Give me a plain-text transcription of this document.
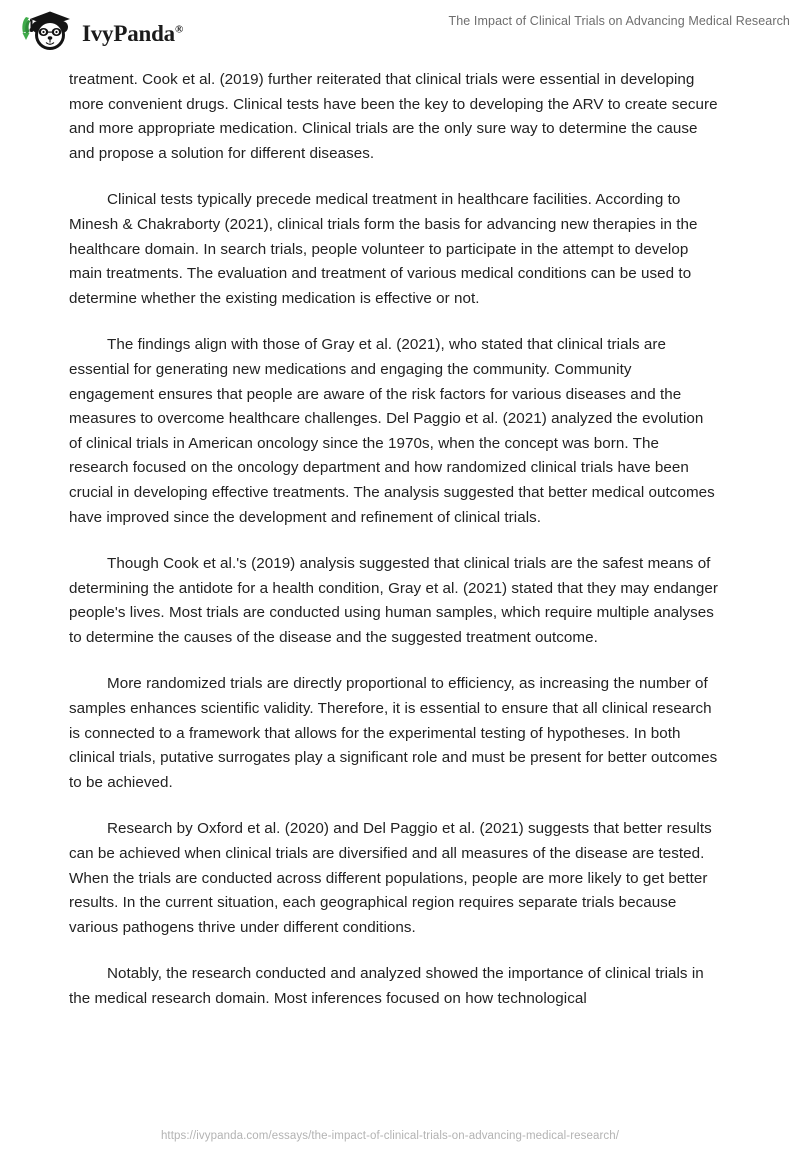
IvyPanda®
The Impact of Clinical Trials on Advancing Medical Research

treatment. Cook et al. (2019) further reiterated that clinical trials were essential in developing more convenient drugs. Clinical tests have been the key to developing the ARV to create secure and more appropriate medication. Clinical trials are the only sure way to determine the cause and propose a solution for different diseases.

Clinical tests typically precede medical treatment in healthcare facilities. According to Minesh & Chakraborty (2021), clinical trials form the basis for advancing new therapies in the healthcare domain. In search trials, people volunteer to participate in the attempt to develop main treatments. The evaluation and treatment of various medical conditions can be used to determine whether the existing medication is effective or not.

The findings align with those of Gray et al. (2021), who stated that clinical trials are essential for generating new medications and engaging the community. Community engagement ensures that people are aware of the risk factors for various diseases and the measures to overcome healthcare challenges. Del Paggio et al. (2021) analyzed the evolution of clinical trials in American oncology since the 1970s, when the concept was born. The research focused on the oncology department and how randomized clinical trials have been crucial in developing effective treatments. The analysis suggested that better medical outcomes have improved since the development and refinement of clinical trials.

Though Cook et al.'s (2019) analysis suggested that clinical trials are the safest means of determining the antidote for a health condition, Gray et al. (2021) stated that they may endanger people's lives. Most trials are conducted using human samples, which require multiple analyses to determine the causes of the disease and the suggested treatment outcome.

More randomized trials are directly proportional to efficiency, as increasing the number of samples enhances scientific validity. Therefore, it is essential to ensure that all clinical research is connected to a framework that allows for the experimental testing of hypotheses. In both clinical trials, putative surrogates play a significant role and must be present for better outcomes to be achieved.

Research by Oxford et al. (2020) and Del Paggio et al. (2021) suggests that better results can be achieved when clinical trials are diversified and all measures of the disease are tested. When the trials are conducted across different populations, people are more likely to get better results. In the current situation, each geographical region requires separate trials because various pathogens thrive under different conditions.

Notably, the research conducted and analyzed showed the importance of clinical trials in the medical research domain. Most inferences focused on how technological

https://ivypanda.com/essays/the-impact-of-clinical-trials-on-advancing-medical-research/
